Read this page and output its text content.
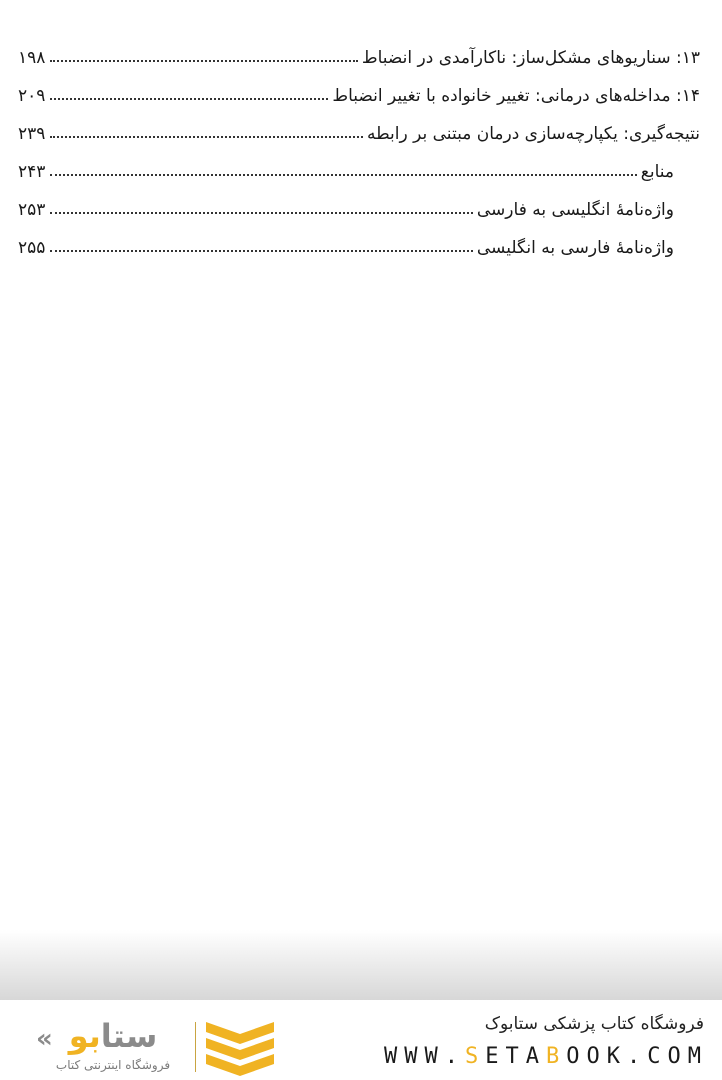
۱۳: سناریوهای مشکل‌ساز: ناکارآمدی در انضباط
۱۹۸
۱۴: مداخله‌های درمانی: تغییر خانواده با تغییر انضباط
۲۰۹
نتیجه‌گیری: یکپارچه‌سازی درمان مبتنی بر رابطه
۲۳۹
منابع
۲۴۳
واژه‌نامۀ انگلیسی به فارسی
۲۵۳
واژه‌نامۀ فارسی به انگلیسی
۲۵۵
«	ستابو
فروشگاه اینترنتی کتاب
فروشگاه کتاب پزشکی ستابوک
WWW.SETABOOK.COM
